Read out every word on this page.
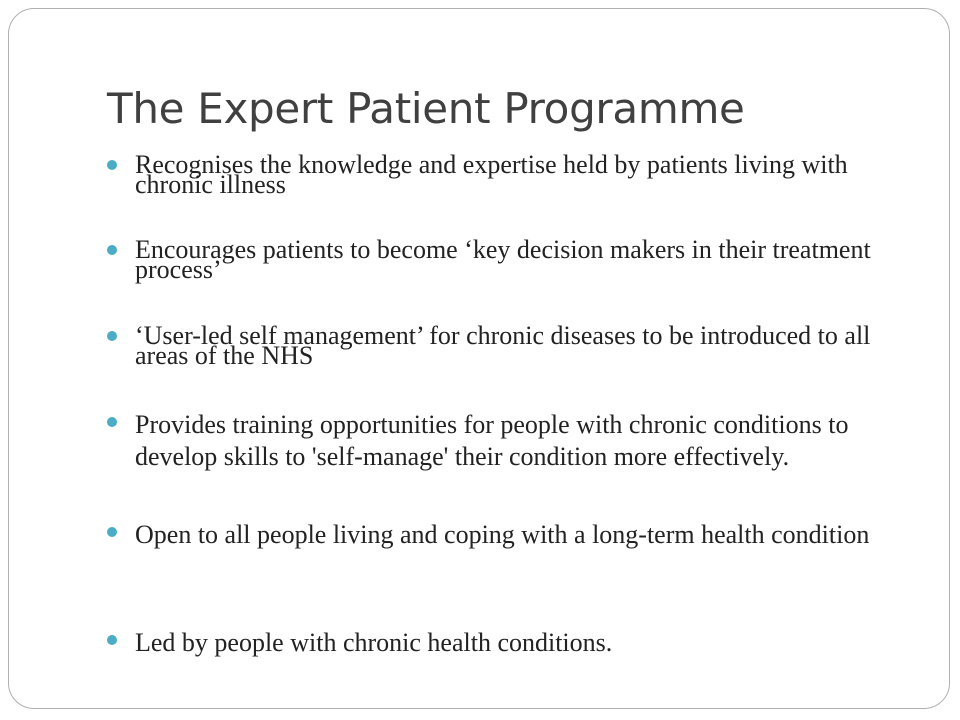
The Expert Patient Programme
Recognises the knowledge and expertise held by patients living with chronic illness
Encourages patients to become ‘key decision makers in their treatment process’
‘User-led self management’ for chronic diseases to be introduced to all areas of the NHS
Provides training opportunities for people with chronic conditions to develop skills to 'self-manage' their condition more effectively.
Open to all people living and coping with a long-term health condition
Led by people with chronic health conditions.
